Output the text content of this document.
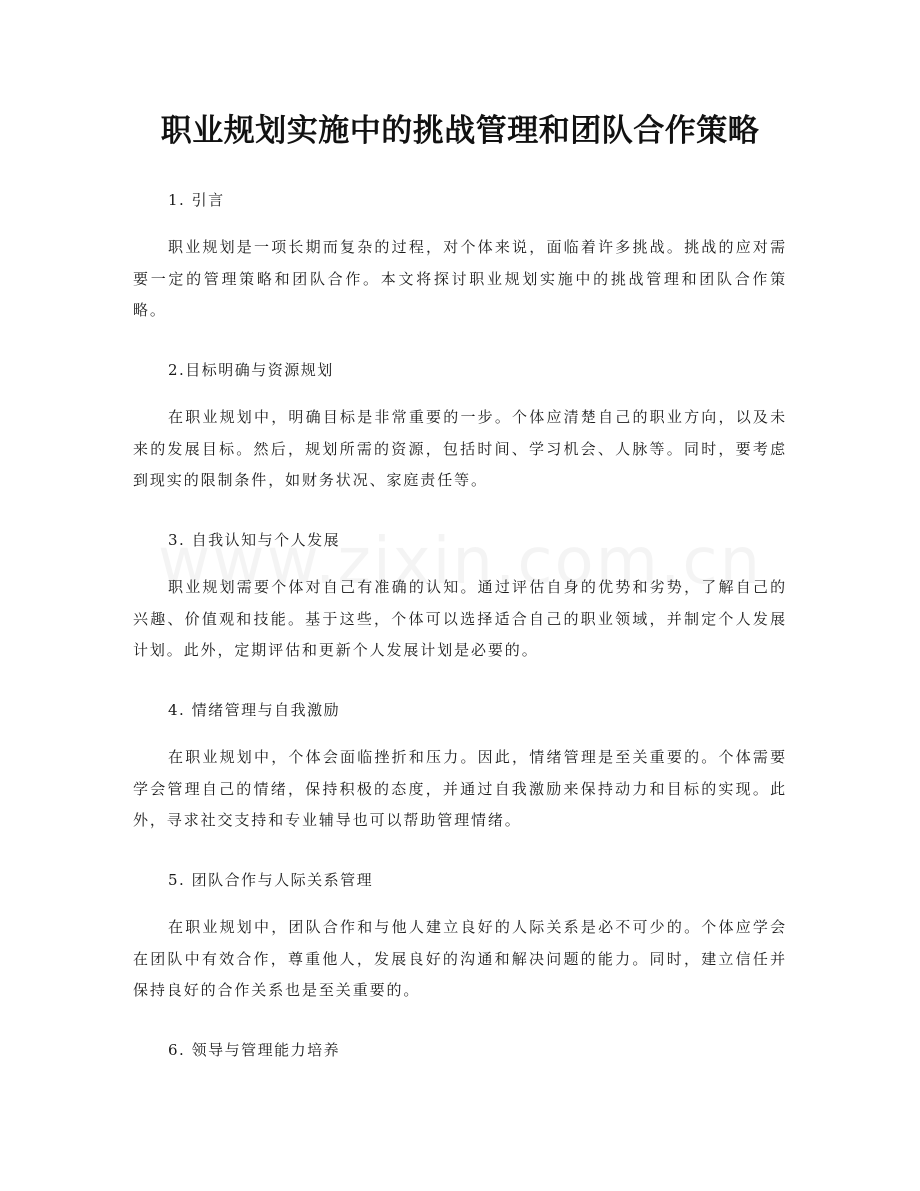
职业规划实施中的挑战管理和团队合作策略
1. 引言

职业规划是一项长期而复杂的过程，对个体来说，面临着许多挑战。挑战的应对需要一定的管理策略和团队合作。本文将探讨职业规划实施中的挑战管理和团队合作策略。

2.目标明确与资源规划

在职业规划中，明确目标是非常重要的一步。个体应清楚自己的职业方向，以及未来的发展目标。然后，规划所需的资源，包括时间、学习机会、人脉等。同时，要考虑到现实的限制条件，如财务状况、家庭责任等。

3. 自我认知与个人发展

职业规划需要个体对自己有准确的认知。通过评估自身的优势和劣势，了解自己的兴趣、价值观和技能。基于这些，个体可以选择适合自己的职业领域，并制定个人发展计划。此外，定期评估和更新个人发展计划是必要的。

4. 情绪管理与自我激励

在职业规划中，个体会面临挫折和压力。因此，情绪管理是至关重要的。个体需要学会管理自己的情绪，保持积极的态度，并通过自我激励来保持动力和目标的实现。此外，寻求社交支持和专业辅导也可以帮助管理情绪。

5. 团队合作与人际关系管理

在职业规划中，团队合作和与他人建立良好的人际关系是必不可少的。个体应学会在团队中有效合作，尊重他人，发展良好的沟通和解决问题的能力。同时，建立信任并保持良好的合作关系也是至关重要的。

6. 领导与管理能力培养
